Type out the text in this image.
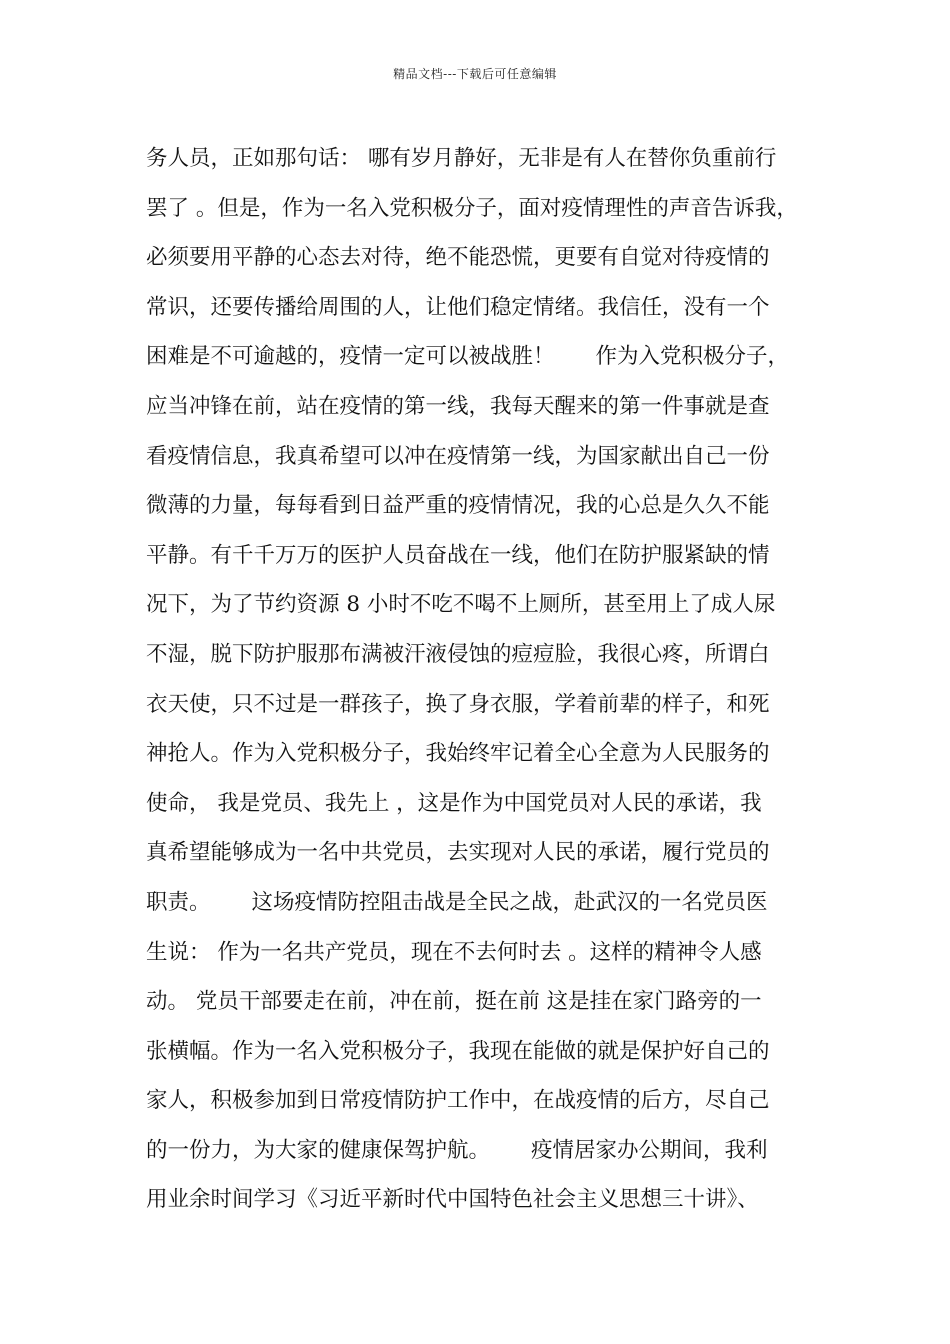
精品文档---下载后可任意编辑
务人员，正如那句话： 哪有岁月静好，无非是有人在替你负重前行
罢了 。但是，作为一名入党积极分子，面对疫情理性的声音告诉我，
必须要用平静的心态去对待，绝不能恐慌，更要有自觉对待疫情的
常识，还要传播给周围的人，让他们稳定情绪。我信任，没有一个
困难是不可逾越的，疫情一定可以被战胜！      作为入党积极分子，
应当冲锋在前，站在疫情的第一线，我每天醒来的第一件事就是查
看疫情信息，我真希望可以冲在疫情第一线，为国家献出自己一份
微薄的力量，每每看到日益严重的疫情情况，我的心总是久久不能
平静。有千千万万的医护人员奋战在一线，他们在防护服紧缺的情
况下，为了节约资源 8 小时不吃不喝不上厕所，甚至用上了成人尿
不湿，脱下防护服那布满被汗液侵蚀的痘痘脸，我很心疼，所谓白
衣天使，只不过是一群孩子，换了身衣服，学着前辈的样子，和死
神抢人。作为入党积极分子，我始终牢记着全心全意为人民服务的
使命， 我是党员、我先上 ，这是作为中国党员对人民的承诺，我
真希望能够成为一名中共党员，去实现对人民的承诺，履行党员的
职责。      这场疫情防控阻击战是全民之战，赴武汉的一名党员医
生说： 作为一名共产党员，现在不去何时去 。这样的精神令人感
动。 党员干部要走在前，冲在前，挺在前 这是挂在家门路旁的一
张横幅。作为一名入党积极分子，我现在能做的就是保护好自己的
家人，积极参加到日常疫情防护工作中，在战疫情的后方，尽自己
的一份力，为大家的健康保驾护航。      疫情居家办公期间，我利
用业余时间学习《习近平新时代中国特色社会主义思想三十讲》、
